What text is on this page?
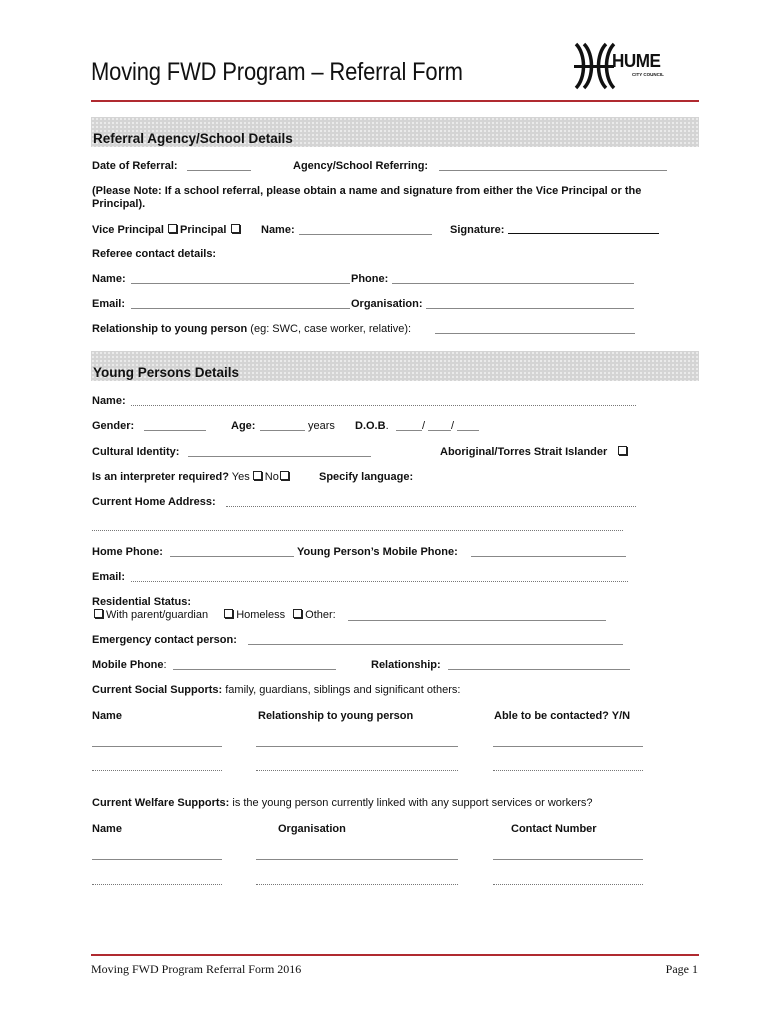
Moving FWD Program – Referral Form	HUME
CITY COUNCIL
Referral Agency/School Details
Date of Referral:	Agency/School Referring:
(Please Note: If a school referral, please obtain a name and signature from either the Vice Principal or the Principal).
Vice Principal Principal	Name:	Signature:
Referee contact details:
Name:	Phone:
Email:	Organisation:
Relationship to young person (eg: SWC, case worker, relative):
Young Persons Details
Name:
Gender:	Age:	years D.O.B.	/ /
Cultural Identity:	Aboriginal/Torres Strait Islander
Is an interpreter required? Yes No	Specify language:
Current Home Address:
Home Phone:	Young Person’s Mobile Phone:
Email:
Residential Status:
With parent/guardian	Homeless Other:
Emergency contact person:
Mobile Phone:	Relationship:
Current Social Supports: family, guardians, siblings and significant others:
Name	Relationship to young person	Able to be contacted? Y/N
Current Welfare Supports: is the young person currently linked with any support services or workers?
Name	Organisation	Contact Number
Moving FWD Program Referral Form 2016	Page 1
